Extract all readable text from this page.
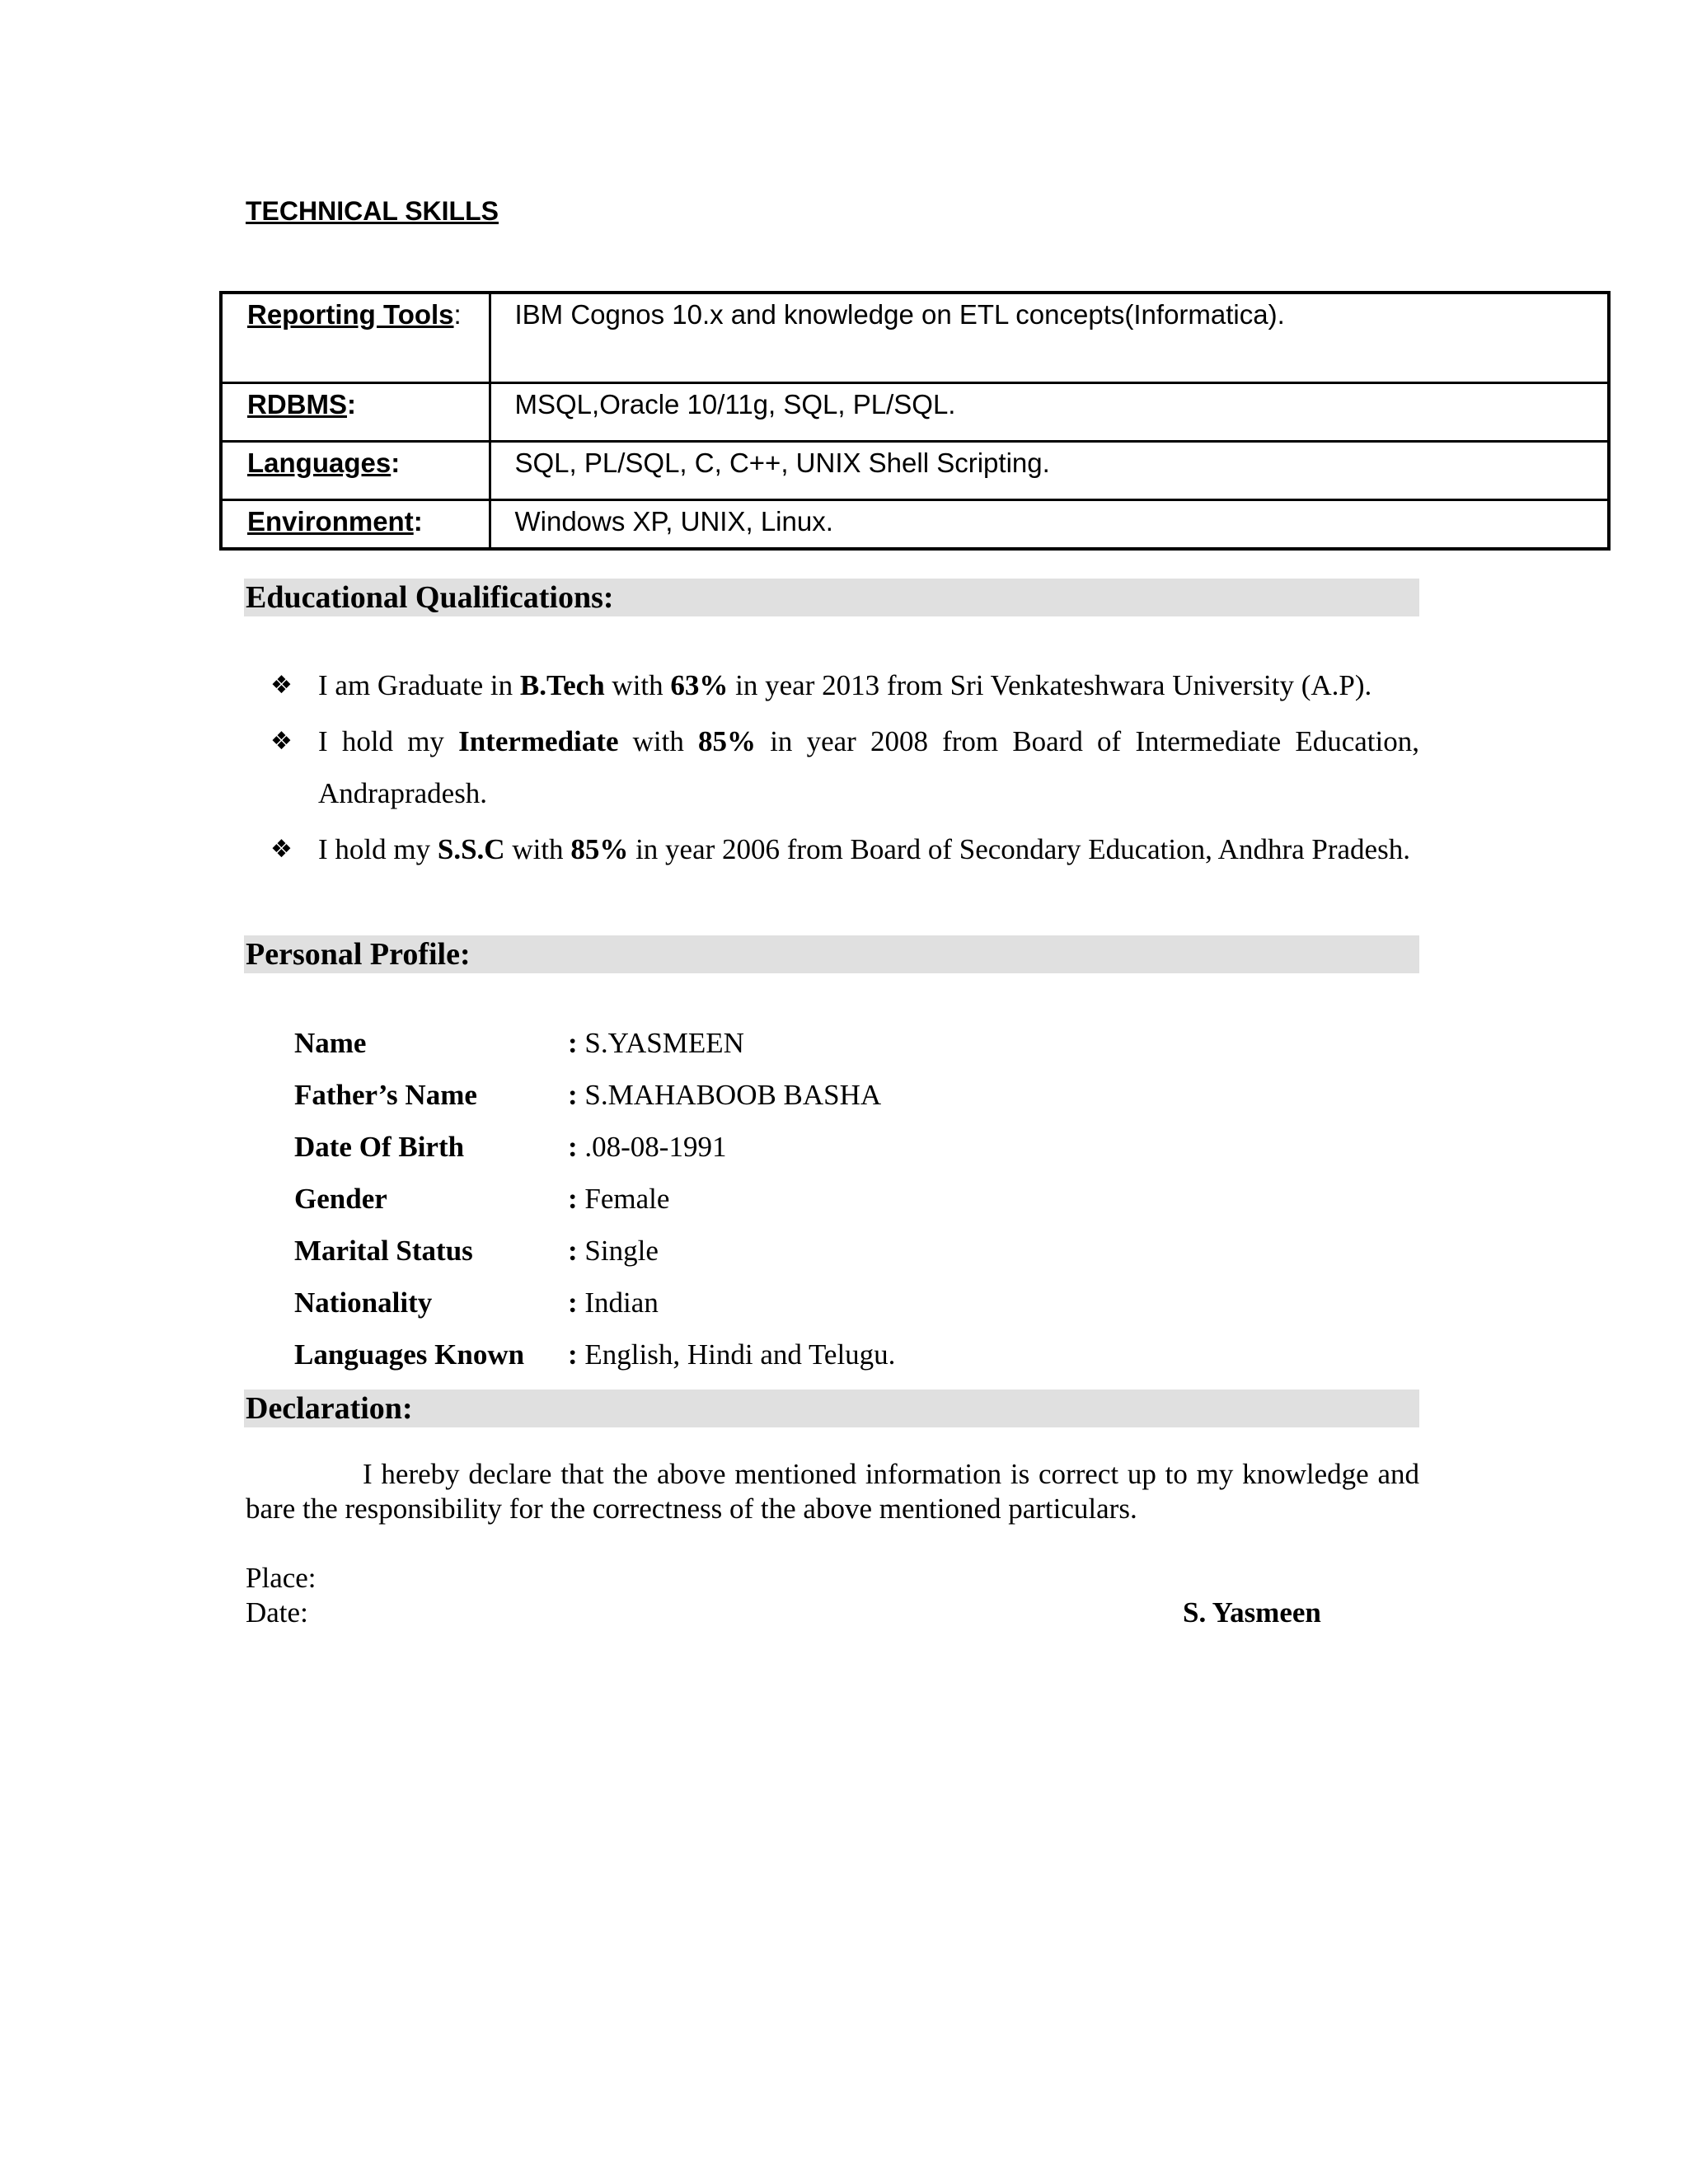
TECHNICAL SKILLS
Reporting Tools:	IBM Cognos 10.x and knowledge on ETL concepts(Informatica).
RDBMS:	MSQL,Oracle 10/11g, SQL, PL/SQL.
Languages:	SQL, PL/SQL, C, C++, UNIX Shell Scripting.
Environment:	Windows XP, UNIX, Linux.
Educational Qualifications:
❖ I am Graduate in B.Tech with 63% in year 2013 from Sri Venkateshwara University (A.P).
❖ I hold my Intermediate with 85% in year 2008 from Board of Intermediate Education, Andrapradesh.
❖ I hold my S.S.C with 85% in year 2006 from Board of Secondary Education, Andhra Pradesh.
Personal Profile:
Name	: S.YASMEEN
Father’s Name	: S.MAHABOOB BASHA
Date Of Birth	: .08-08-1991
Gender	: Female
Marital Status	: Single
Nationality	: Indian
Languages Known : English, Hindi and Telugu.
Declaration:

I hereby declare that the above mentioned information is correct up to my knowledge and bare the responsibility for the correctness of the above mentioned particulars.

Place:
Date:	S. Yasmeen
